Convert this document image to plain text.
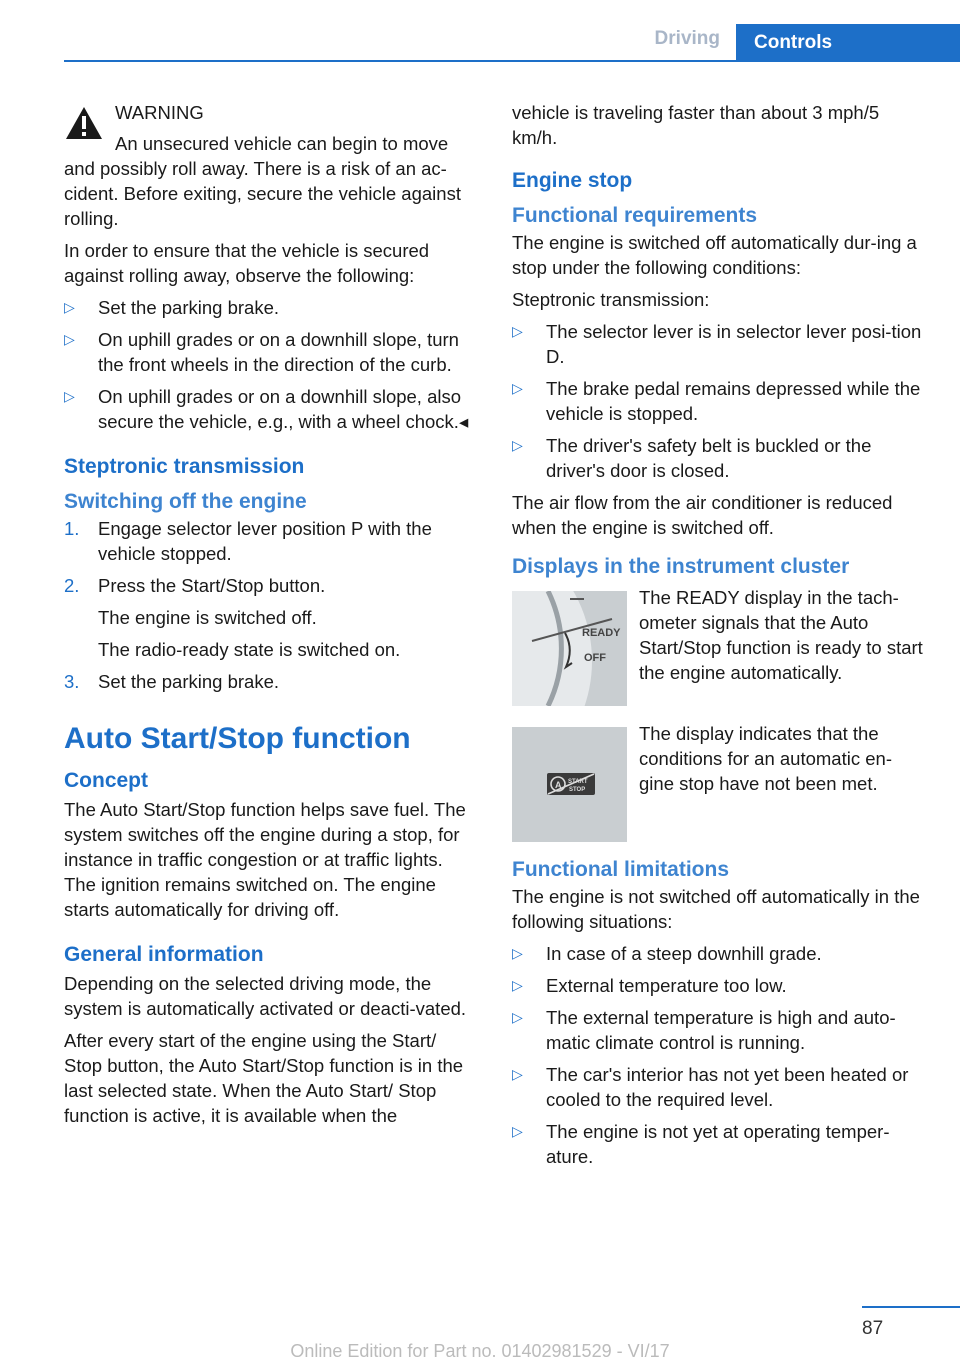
Driving	Controls

WARNING

An unsecured vehicle can begin to move and possibly roll away. There is a risk of an ac-cident. Before exiting, secure the vehicle against rolling.

In order to ensure that the vehicle is secured against rolling away, observe the following:

▷ Set the parking brake.
▷ On uphill grades or on a downhill slope, turn the front wheels in the direction of the curb.
▷ On uphill grades or on a downhill slope, also secure the vehicle, e.g., with a wheel chock.◂
Steptronic transmission
Switching off the engine
1. Engage selector lever position P with the vehicle stopped.
2. Press the Start/Stop button.
The engine is switched off.
The radio-ready state is switched on.
3. Set the parking brake.
Auto Start/Stop function
Concept

The Auto Start/Stop function helps save fuel. The system switches off the engine during a stop, for instance in traffic congestion or at traffic lights. The ignition remains switched on. The engine starts automatically for driving off.

General information

Depending on the selected driving mode, the system is automatically activated or deacti-vated.

After every start of the engine using the Start/ Stop button, the Auto Start/Stop function is in the last selected state. When the Auto Start/ Stop function is active, it is available when the

vehicle is traveling faster than about 3 mph/5 km/h.

Engine stop
Functional requirements

The engine is switched off automatically dur-ing a stop under the following conditions:

Steptronic transmission:

▷ The selector lever is in selector lever posi-tion D.
▷ The brake pedal remains depressed while the vehicle is stopped.
▷ The driver's safety belt is buckled or the driver's door is closed.

The air flow from the air conditioner is reduced when the engine is switched off.

Displays in the instrument cluster
READY
OFF

The READY display in the tach-ometer signals that the Auto Start/Stop function is ready to start the engine automatically.

A START
STOP

The display indicates that the conditions for an automatic en-gine stop have not been met.

Functional limitations

The engine is not switched off automatically in the following situations:

▷ In case of a steep downhill grade.
▷ External temperature too low.
▷ The external temperature is high and auto-matic climate control is running.
▷ The car's interior has not yet been heated or cooled to the required level.
▷ The engine is not yet at operating temper-ature.
87
Online Edition for Part no. 01402981529 - VI/17
